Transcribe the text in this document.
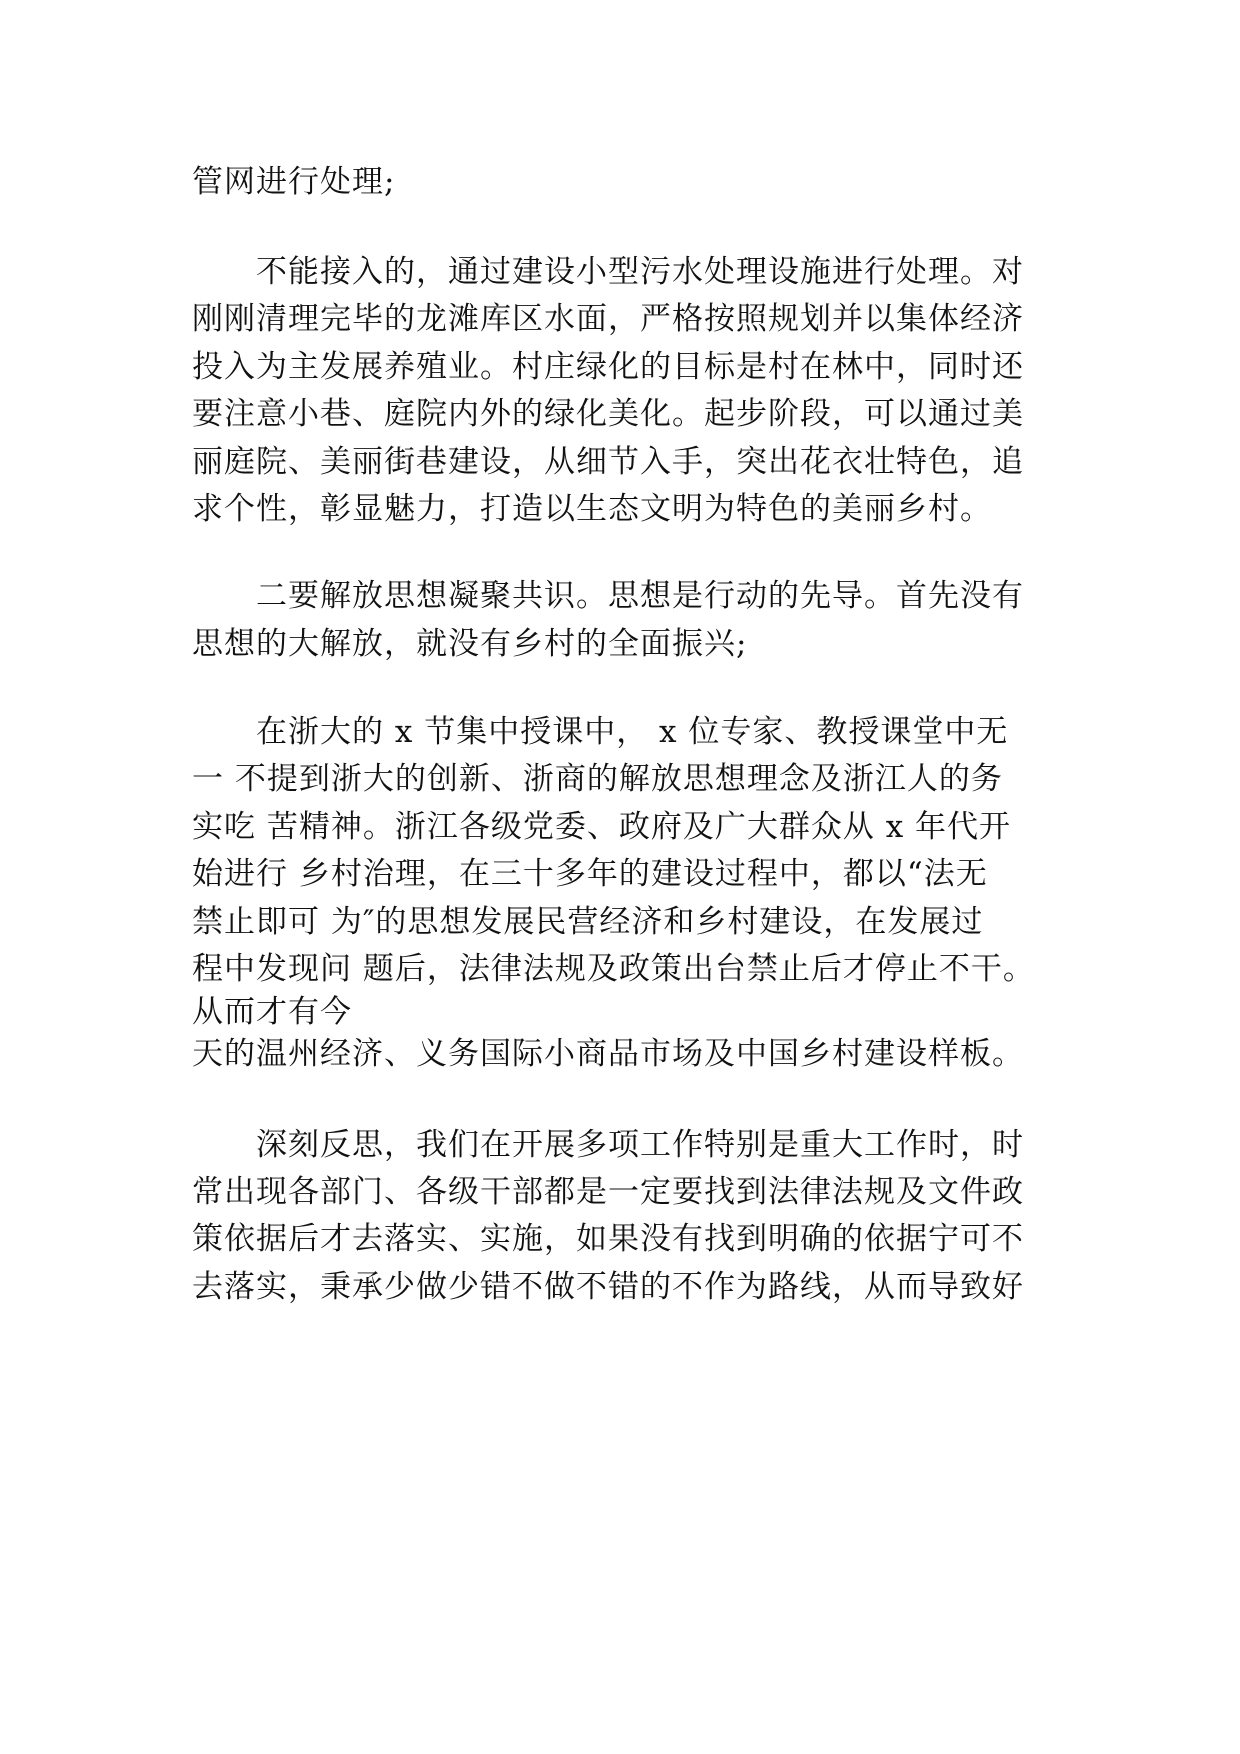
管网进行处理;

不能接入的，通过建设小型污水处理设施进行处理。对

刚刚清理完毕的龙滩库区水面，严格按照规划并以集体经济

投入为主发展养殖业。村庄绿化的目标是村在林中，同时还

要注意小巷、庭院内外的绿化美化。起步阶段，可以通过美

丽庭院、美丽街巷建设，从细节入手，突出花衣壮特色，追

求个性，彰显魅力，打造以生态文明为特色的美丽乡村。

二要解放思想凝聚共识。思想是行动的先导。首先没有

思想的大解放，就没有乡村的全面振兴;

在浙大的 x 节集中授课中， x 位专家、教授课堂中无

一 不提到浙大的创新、浙商的解放思想理念及浙江人的务

实吃 苦精神。浙江各级党委、政府及广大群众从 x 年代开

始进行 乡村治理，在三十多年的建设过程中，都以“法无

禁止即可 为″的思想发展民营经济和乡村建设，在发展过

程中发现问 题后，法律法规及政策出台禁止后才停止不干。

从而才有今

天的温州经济、义务国际小商品市场及中国乡村建设样板。

深刻反思，我们在开展多项工作特别是重大工作时，时

常出现各部门、各级干部都是一定要找到法律法规及文件政

策依据后才去落实、实施，如果没有找到明确的依据宁可不

去落实，秉承少做少错不做不错的不作为路线，从而导致好
